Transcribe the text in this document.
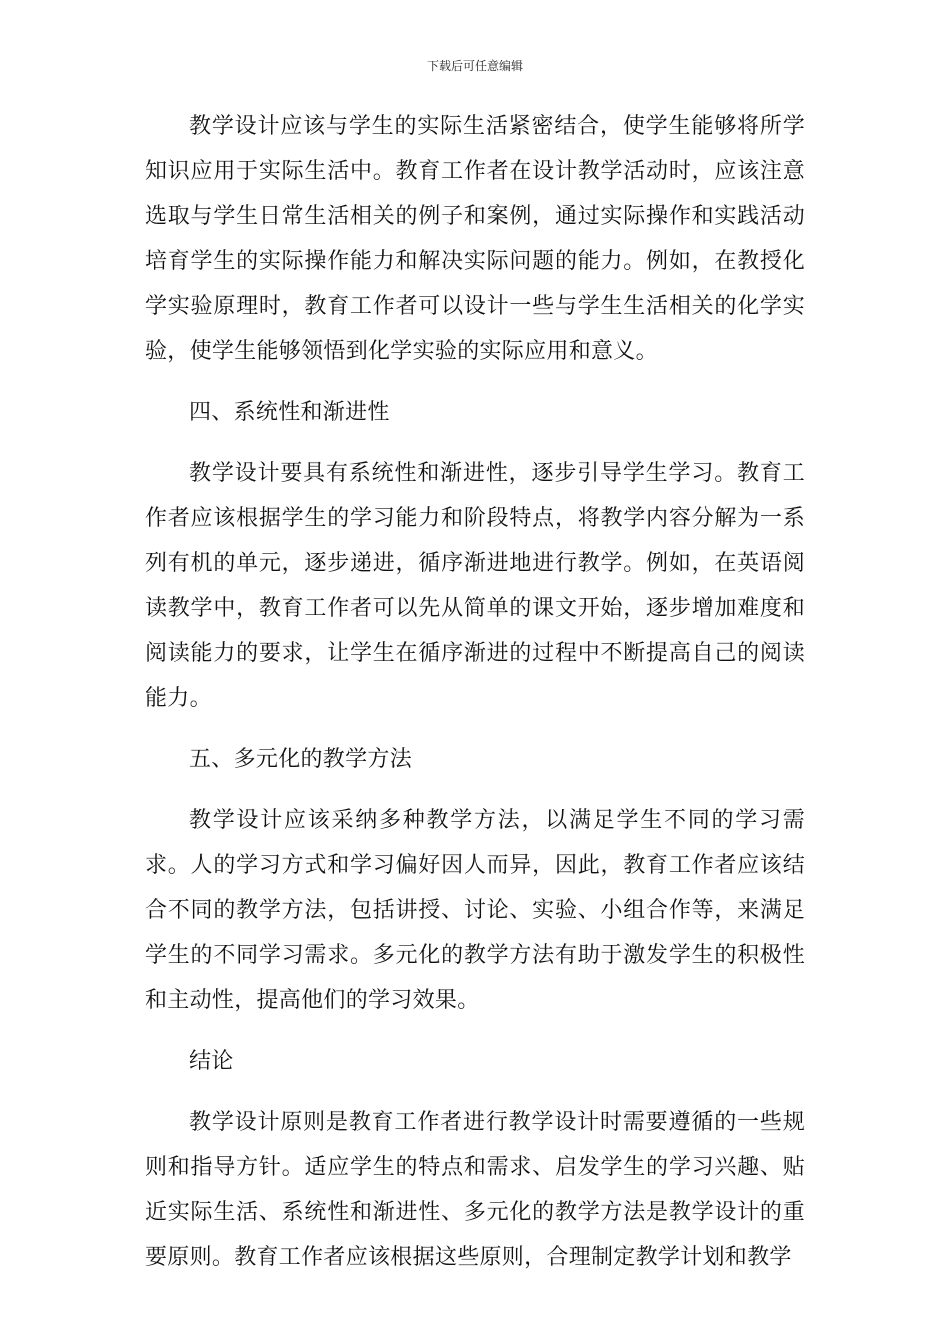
下载后可任意编辑

教学设计应该与学生的实际生活紧密结合，使学生能够将所学知识应用于实际生活中。教育工作者在设计教学活动时，应该注意选取与学生日常生活相关的例子和案例，通过实际操作和实践活动培育学生的实际操作能力和解决实际问题的能力。例如，在教授化学实验原理时，教育工作者可以设计一些与学生生活相关的化学实验，使学生能够领悟到化学实验的实际应用和意义。

四、系统性和渐进性

教学设计要具有系统性和渐进性，逐步引导学生学习。教育工作者应该根据学生的学习能力和阶段特点，将教学内容分解为一系列有机的单元，逐步递进，循序渐进地进行教学。例如，在英语阅读教学中，教育工作者可以先从简单的课文开始，逐步增加难度和阅读能力的要求，让学生在循序渐进的过程中不断提高自己的阅读能力。

五、多元化的教学方法

教学设计应该采纳多种教学方法，以满足学生不同的学习需求。人的学习方式和学习偏好因人而异，因此，教育工作者应该结合不同的教学方法，包括讲授、讨论、实验、小组合作等，来满足学生的不同学习需求。多元化的教学方法有助于激发学生的积极性和主动性，提高他们的学习效果。

结论

教学设计原则是教育工作者进行教学设计时需要遵循的一些规则和指导方针。适应学生的特点和需求、启发学生的学习兴趣、贴近实际生活、系统性和渐进性、多元化的教学方法是教学设计的重要原则。教育工作者应该根据这些原则，合理制定教学计划和教学
